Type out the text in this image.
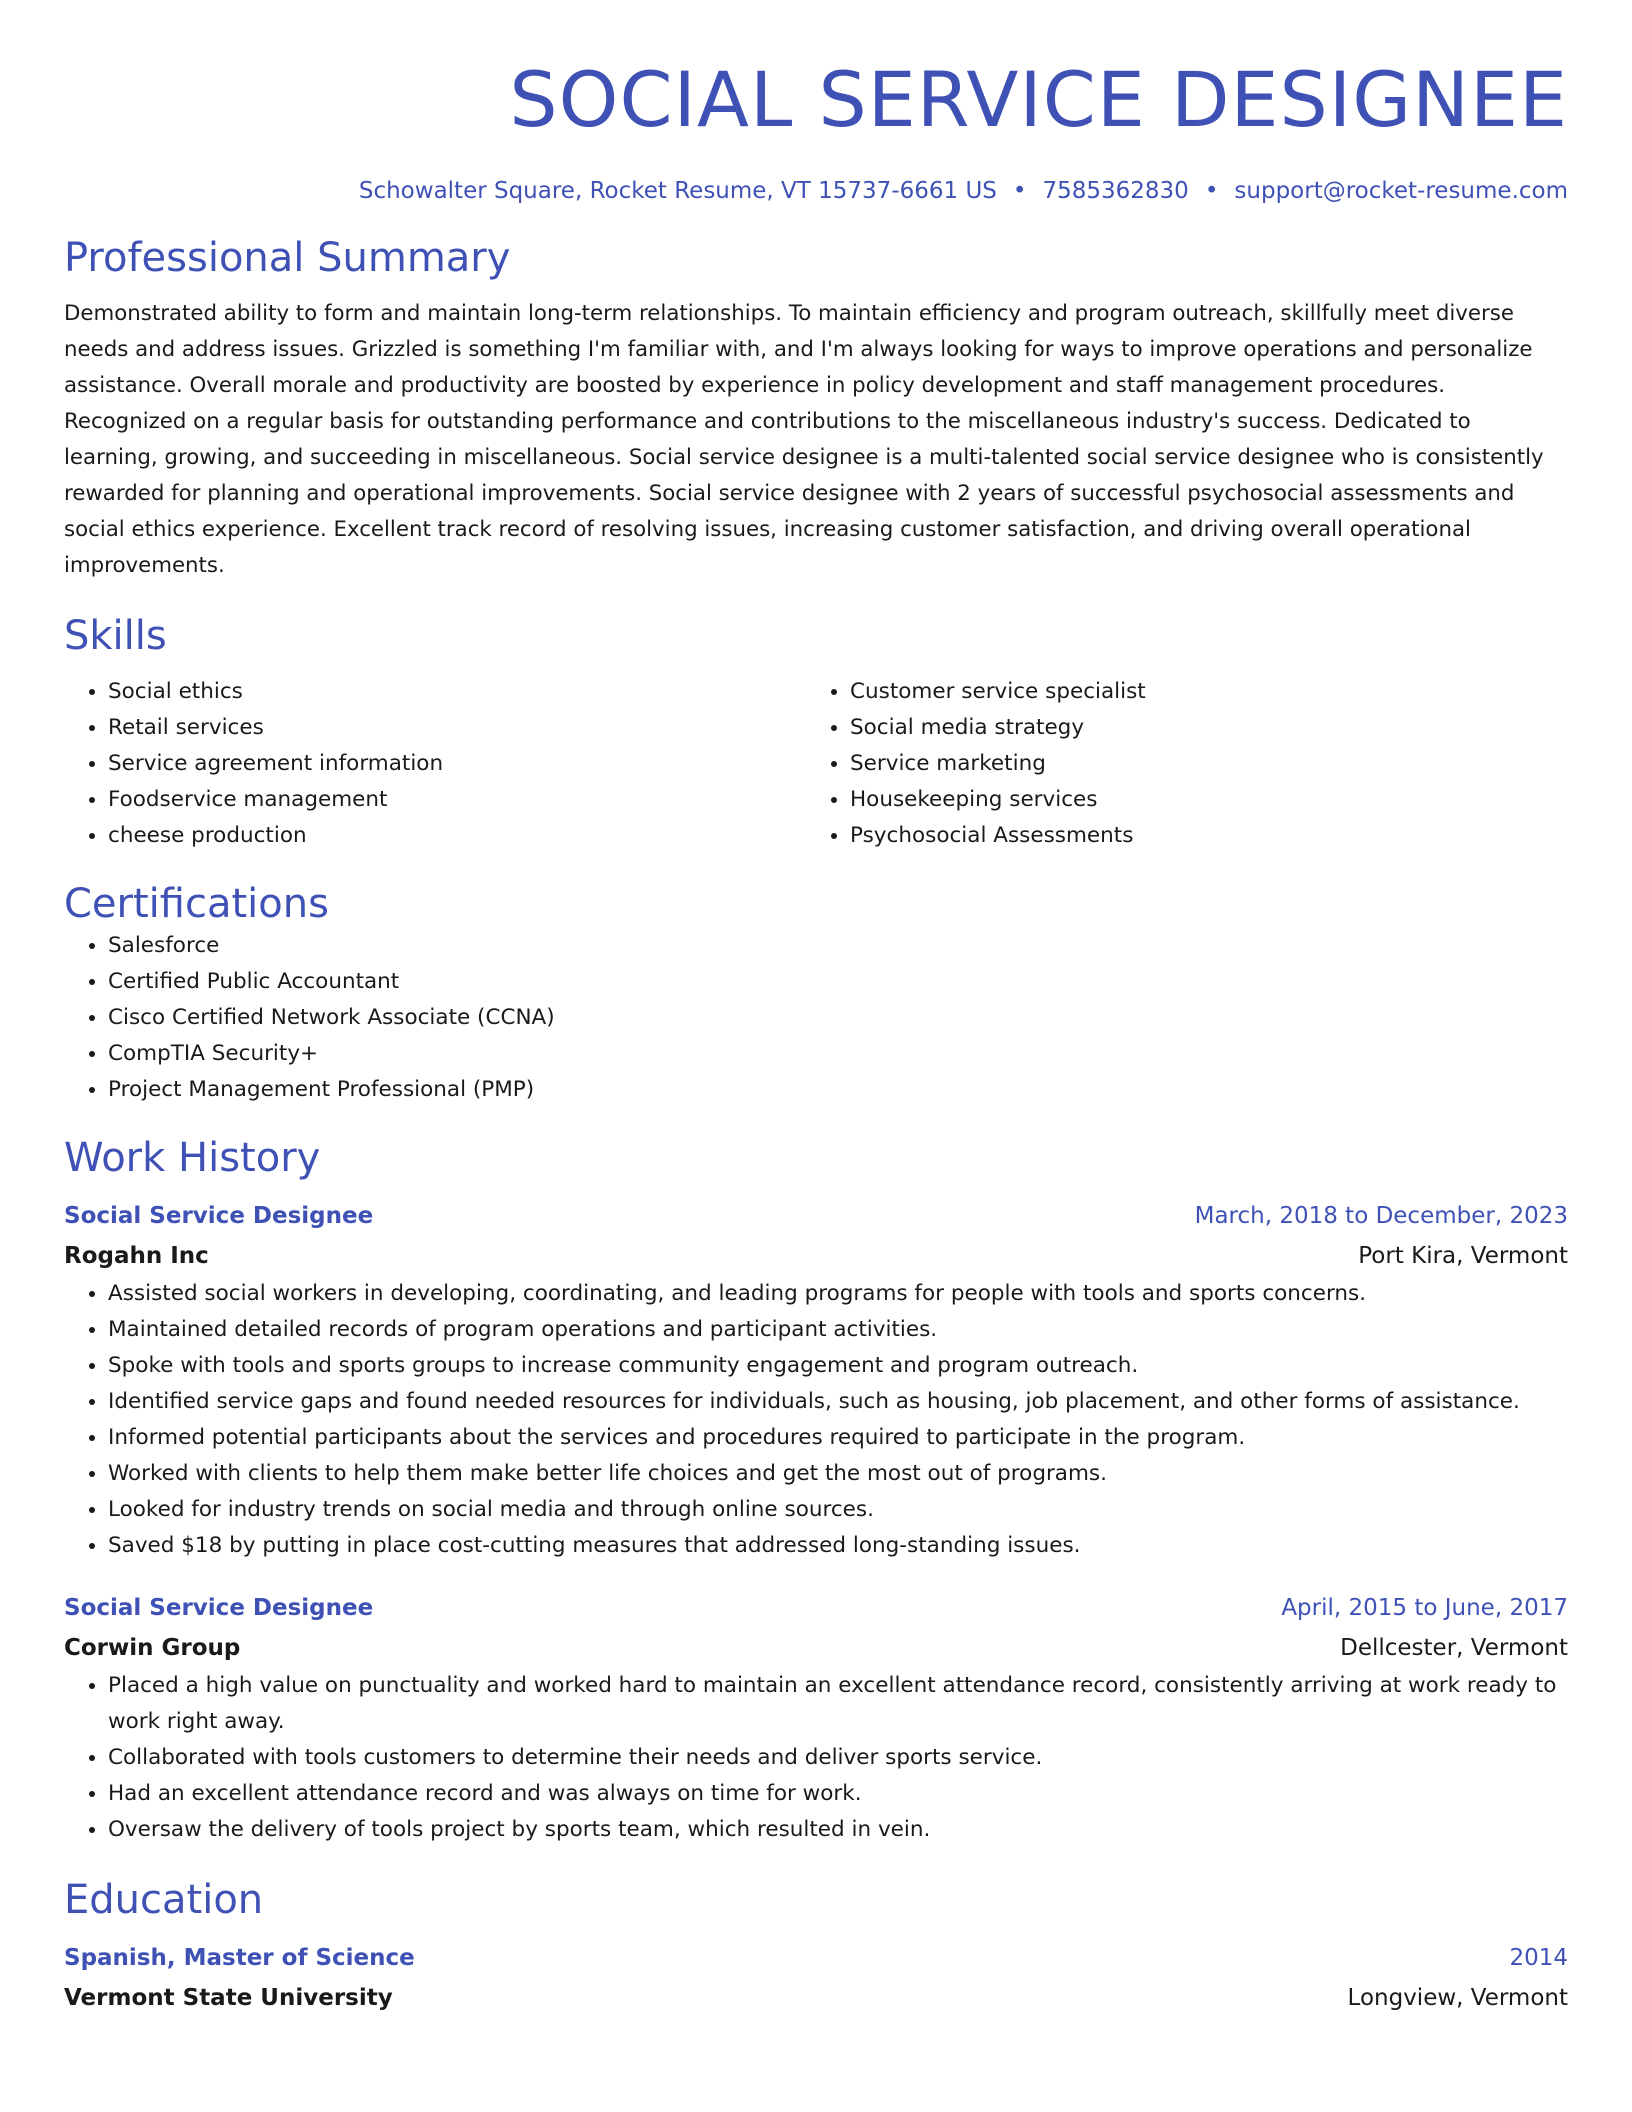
SOCIAL SERVICE DESIGNEE
Schowalter Square, Rocket Resume, VT 15737-6661 US • 7585362830 • support@rocket-resume.com
Professional Summary

Demonstrated ability to form and maintain long-term relationships. To maintain efficiency and program outreach, skillfully meet diverse needs and address issues. Grizzled is something I'm familiar with, and I'm always looking for ways to improve operations and personalize assistance. Overall morale and productivity are boosted by experience in policy development and staff management procedures. Recognized on a regular basis for outstanding performance and contributions to the miscellaneous industry's success. Dedicated to learning, growing, and succeeding in miscellaneous. Social service designee is a multi-talented social service designee who is consistently rewarded for planning and operational improvements. Social service designee with 2 years of successful psychosocial assessments and social ethics experience. Excellent track record of resolving issues, increasing customer satisfaction, and driving overall operational improvements.

Skills
• Social ethics
• Retail services
• Service agreement information
• Foodservice management
• cheese production
• Customer service specialist
• Social media strategy
• Service marketing
• Housekeeping services
• Psychosocial Assessments
Certifications
• Salesforce
• Certified Public Accountant
• Cisco Certified Network Associate (CCNA)
• CompTIA Security+
• Project Management Professional (PMP)
Work History
Social Service Designee	March, 2018 to December, 2023
Rogahn Inc	Port Kira, Vermont
• Assisted social workers in developing, coordinating, and leading programs for people with tools and sports concerns.
• Maintained detailed records of program operations and participant activities.
• Spoke with tools and sports groups to increase community engagement and program outreach.
• Identified service gaps and found needed resources for individuals, such as housing, job placement, and other forms of assistance.
• Informed potential participants about the services and procedures required to participate in the program.
• Worked with clients to help them make better life choices and get the most out of programs.
• Looked for industry trends on social media and through online sources.
• Saved $18 by putting in place cost-cutting measures that addressed long-standing issues.
Social Service Designee	April, 2015 to June, 2017
Corwin Group	Dellcester, Vermont
• Placed a high value on punctuality and worked hard to maintain an excellent attendance record, consistently arriving at work ready to work right away.
• Collaborated with tools customers to determine their needs and deliver sports service.
• Had an excellent attendance record and was always on time for work.
• Oversaw the delivery of tools project by sports team, which resulted in vein.
Education
Spanish, Master of Science	2014
Vermont State University	Longview, Vermont
